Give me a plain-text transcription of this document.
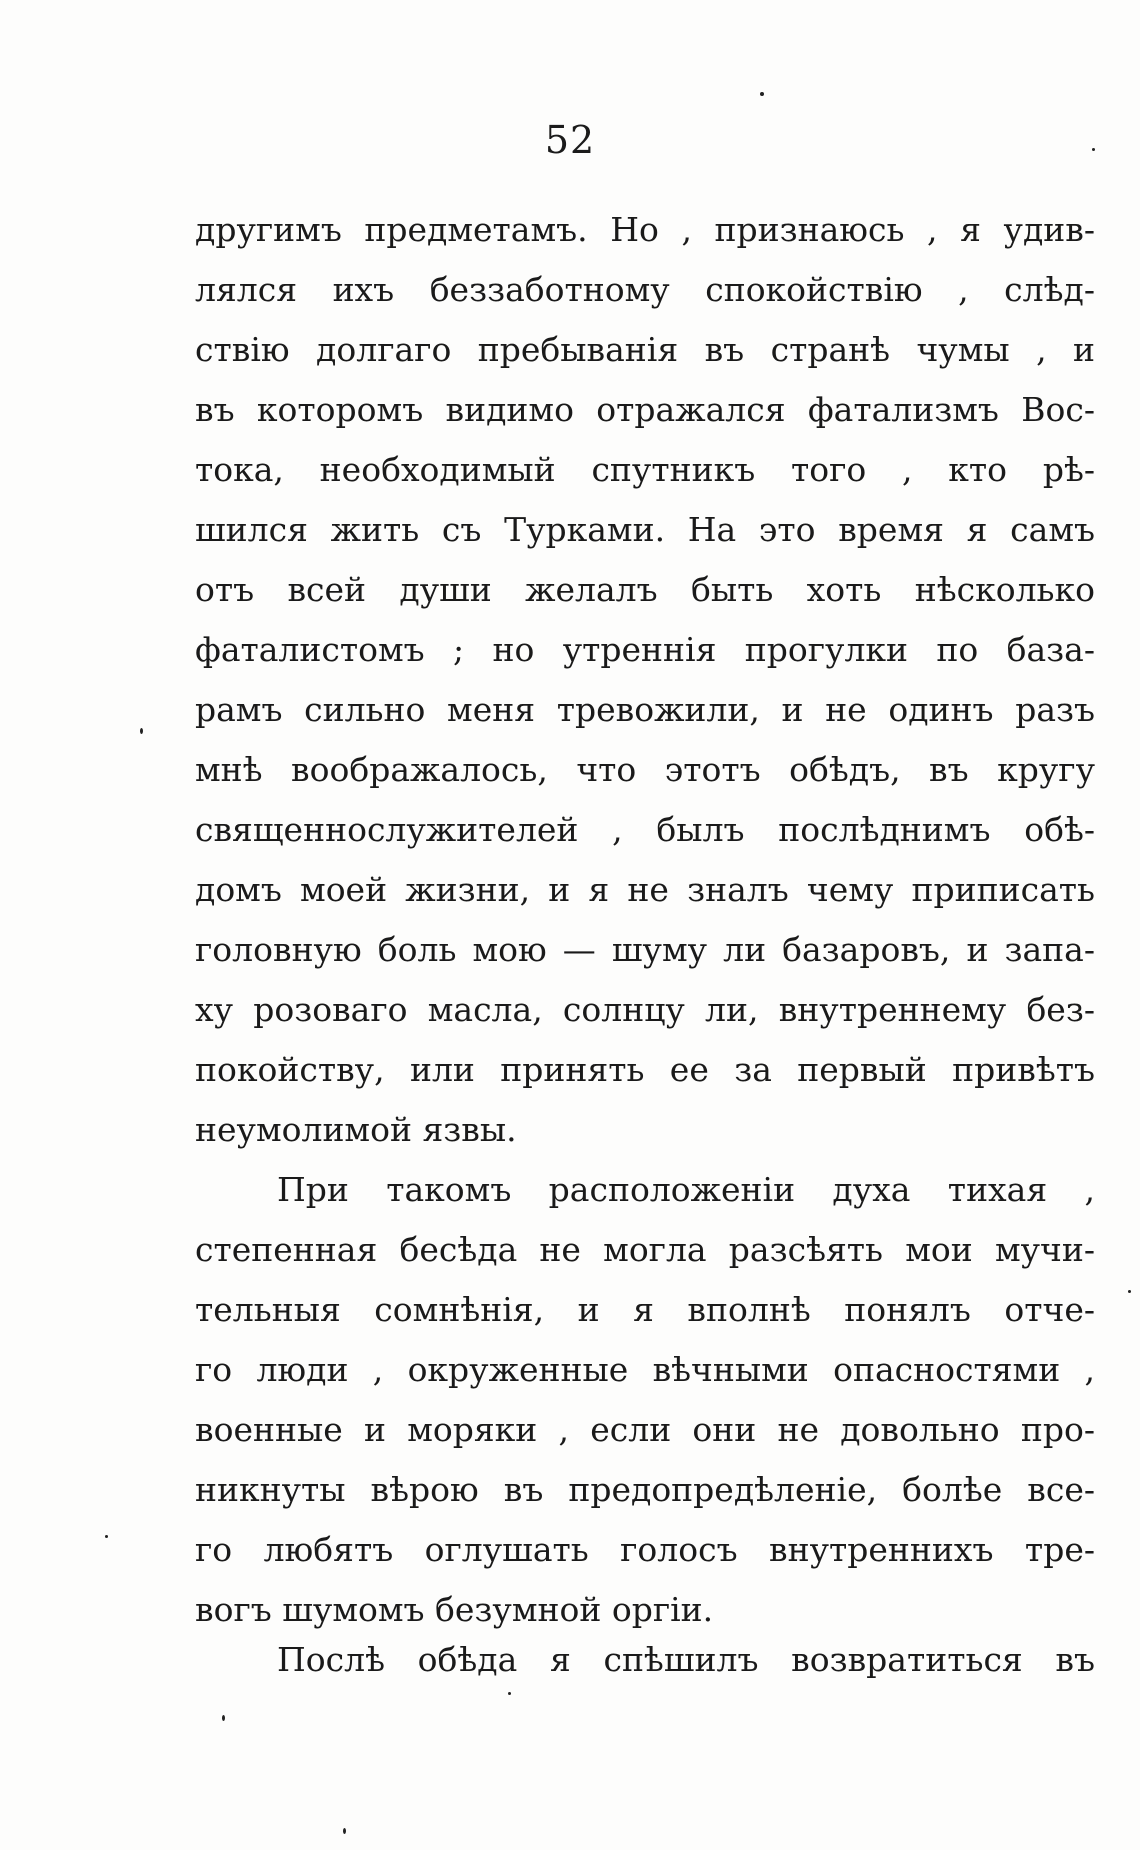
52
другимъ предметамъ. Но , признаюсь , я удив-
лялся ихъ беззаботному спокойствію , слѣд-
ствію долгаго пребыванія въ странѣ чумы , и
въ которомъ видимо отражался фатализмъ Вос-
тока, необходимый спутникъ того , кто рѣ-
шился жить съ Турками. На это время я самъ
отъ всей души желалъ быть хоть нѣсколько
фаталистомъ ; но утреннія прогулки по база-
рамъ сильно меня тревожили, и не одинъ разъ
мнѣ воображалось, что этотъ обѣдъ, въ кругу
священнослужителей , былъ послѣднимъ обѣ-
домъ моей жизни, и я не зналъ чему приписать
головную боль мою — шуму ли базаровъ, и запа-
ху розоваго масла, солнцу ли, внутреннему без-
покойству, или принять ее за первый привѣтъ
неумолимой язвы.
При такомъ расположеніи духа тихая ,
степенная бесѣда не могла разсѣять мои мучи-
тельныя сомнѣнія, и я вполнѣ понялъ отче-
го люди , окруженные вѣчными опасностями ,
военные и моряки , если они не довольно про-
никнуты вѣрою въ предопредѣленіе, болѣе все-
го любятъ оглушать голосъ внутреннихъ тре-
вогъ шумомъ безумной оргіи.
Послѣ обѣда я спѣшилъ возвратиться въ
